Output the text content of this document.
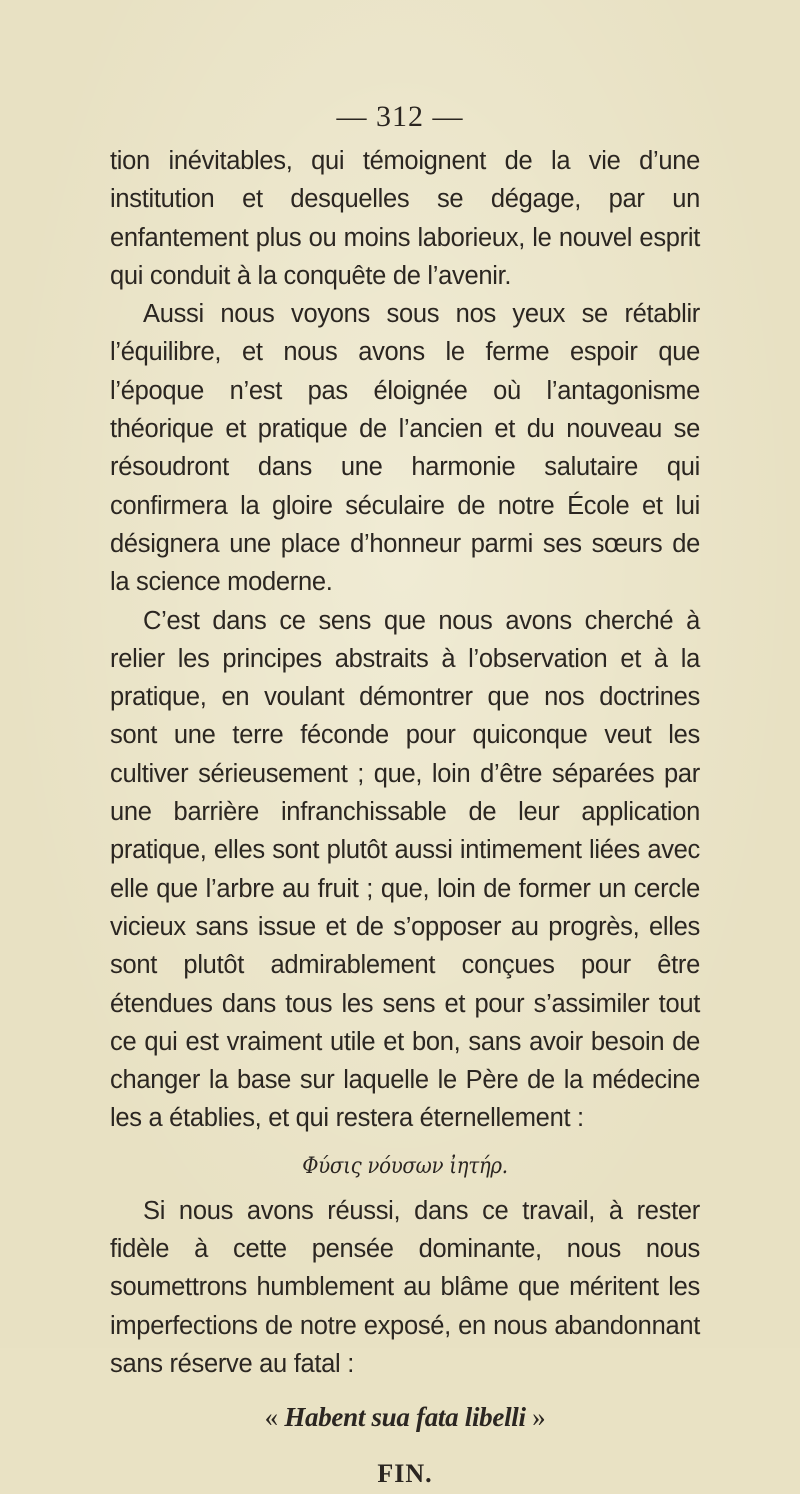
— 312 —

tion inévitables, qui témoignent de la vie d’une institution et desquelles se dégage, par un enfantement plus ou moins laborieux, le nouvel esprit qui conduit à la conquête de l’avenir.

Aussi nous voyons sous nos yeux se rétablir l’équilibre, et nous avons le ferme espoir que l’époque n’est pas éloignée où l’antagonisme théorique et pratique de l’ancien et du nouveau se résoudront dans une harmonie salutaire qui confirmera la gloire séculaire de notre École et lui désignera une place d’honneur parmi ses sœurs de la science moderne.

C’est dans ce sens que nous avons cherché à relier les principes abstraits à l’observation et à la pratique, en voulant démontrer que nos doctrines sont une terre féconde pour quiconque veut les cultiver sérieusement ; que, loin d’être séparées par une barrière infranchissable de leur application pratique, elles sont plutôt aussi intimement liées avec elle que l’arbre au fruit ; que, loin de former un cercle vicieux sans issue et de s’opposer au progrès, elles sont plutôt admirablement conçues pour être étendues dans tous les sens et pour s’assimiler tout ce qui est vraiment utile et bon, sans avoir besoin de changer la base sur laquelle le Père de la médecine les a établies, et qui restera éternellement :

Φύσις νόυσων ἰητήρ.

Si nous avons réussi, dans ce travail, à rester fidèle à cette pensée dominante, nous nous soumettrons humblement au blâme que méritent les imperfections de notre exposé, en nous abandonnant sans réserve au fatal :

« Habent sua fata libelli »

FIN.
